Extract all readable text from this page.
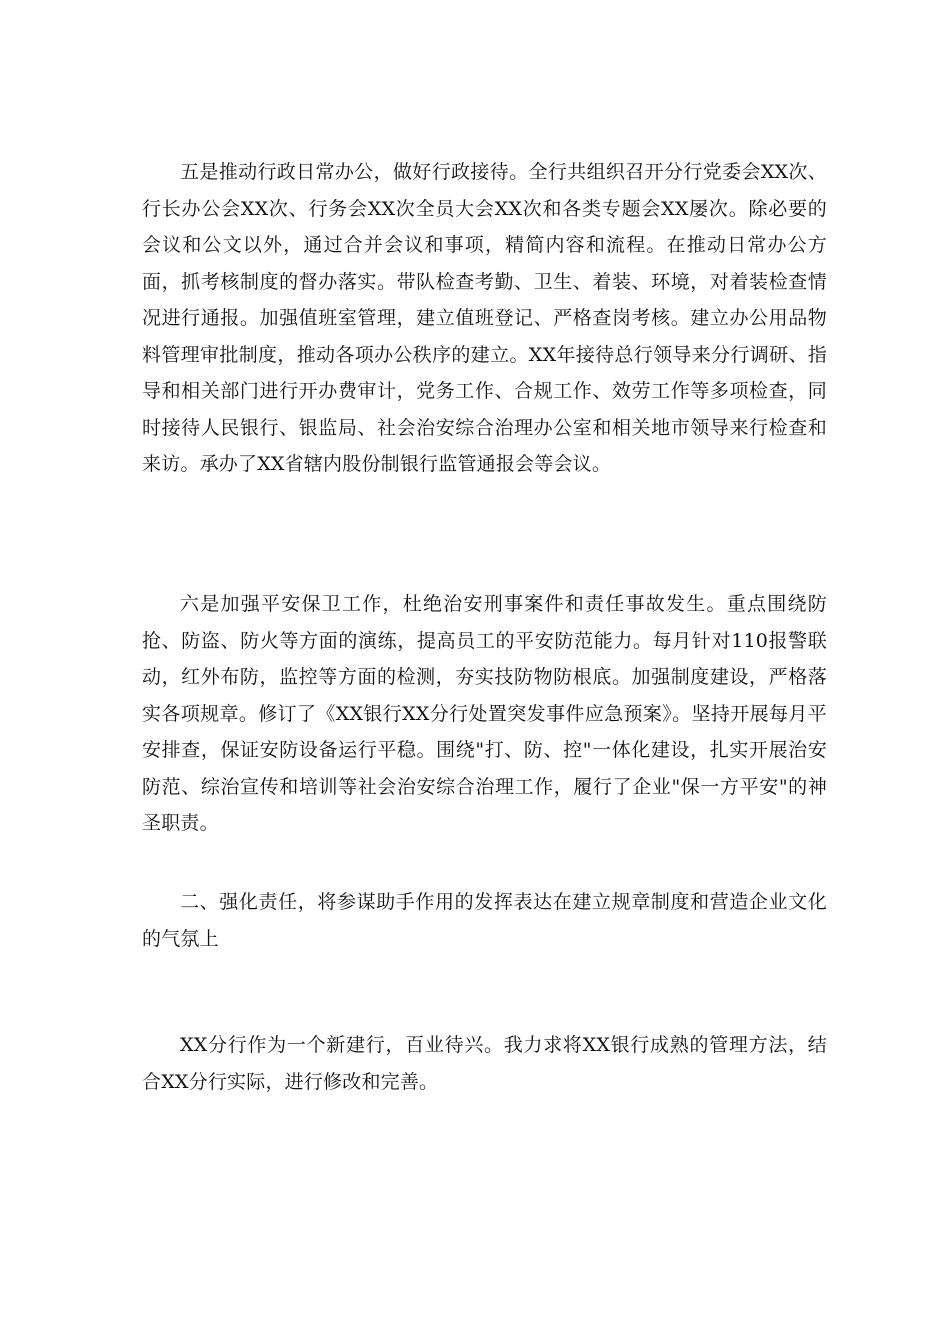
五是推动行政日常办公，做好行政接待。全行共组织召开分行党委会XX次、行长办公会XX次、行务会XX次全员大会XX次和各类专题会XX屡次。除必要的会议和公文以外，通过合并会议和事项，精简内容和流程。在推动日常办公方面，抓考核制度的督办落实。带队检查考勤、卫生、着装、环境，对着装检查情况进行通报。加强值班室管理，建立值班登记、严格查岗考核。建立办公用品物料管理审批制度，推动各项办公秩序的建立。XX年接待总行领导来分行调研、指导和相关部门进行开办费审计，党务工作、合规工作、效劳工作等多项检查，同时接待人民银行、银监局、社会治安综合治理办公室和相关地市领导来行检查和来访。承办了XX省辖内股份制银行监管通报会等会议。

六是加强平安保卫工作，杜绝治安刑事案件和责任事故发生。重点围绕防抢、防盗、防火等方面的演练，提高员工的平安防范能力。每月针对110报警联动，红外布防，监控等方面的检测，夯实技防物防根底。加强制度建设，严格落实各项规章。修订了《XX银行XX分行处置突发事件应急预案》。坚持开展每月平安排查，保证安防设备运行平稳。围绕"打、防、控"一体化建设，扎实开展治安防范、综治宣传和培训等社会治安综合治理工作，履行了企业"保一方平安"的神圣职责。

二、强化责任，将参谋助手作用的发挥表达在建立规章制度和营造企业文化的气氛上

XX分行作为一个新建行，百业待兴。我力求将XX银行成熟的管理方法，结合XX分行实际，进行修改和完善。
